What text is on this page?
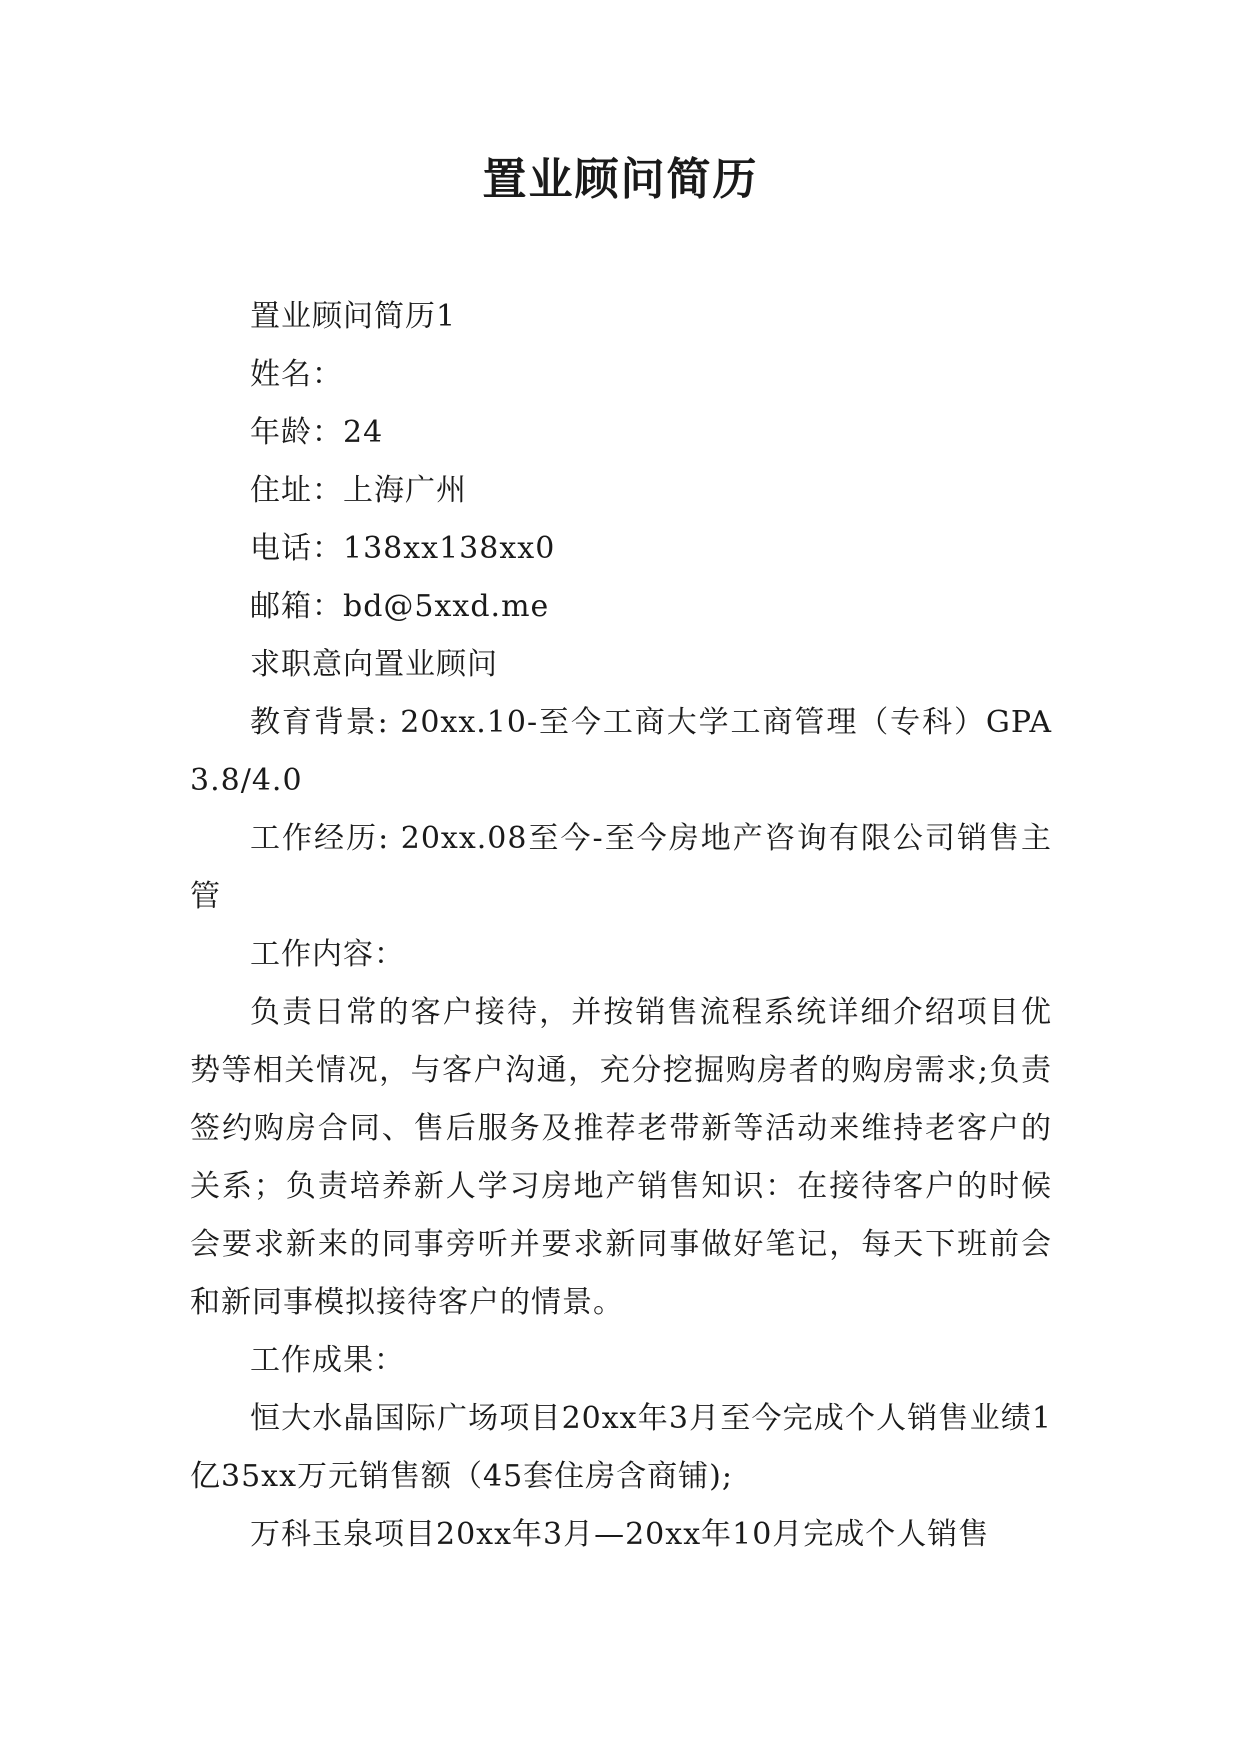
置业顾问简历

置业顾问简历1

姓名：

年龄：24

住址：上海广州

电话：138xx138xx0

邮箱：bd@5xxd.me

求职意向置业顾问

教育背景: 20xx.10-至今工商大学工商管理（专科）GPA 3.8/4.0

工作经历: 20xx.08至今-至今房地产咨询有限公司销售主管

工作内容：

负责日常的客户接待，并按销售流程系统详细介绍项目优势等相关情况，与客户沟通，充分挖掘购房者的购房需求;负责签约购房合同、售后服务及推荐老带新等活动来维持老客户的关系；负责培养新人学习房地产销售知识：在接待客户的时候会要求新来的同事旁听并要求新同事做好笔记，每天下班前会和新同事模拟接待客户的情景。

工作成果：

恒大水晶国际广场项目20xx年3月至今完成个人销售业绩1亿35xx万元销售额（45套住房含商铺);

万科玉泉项目20xx年3月—20xx年10月完成个人销售
